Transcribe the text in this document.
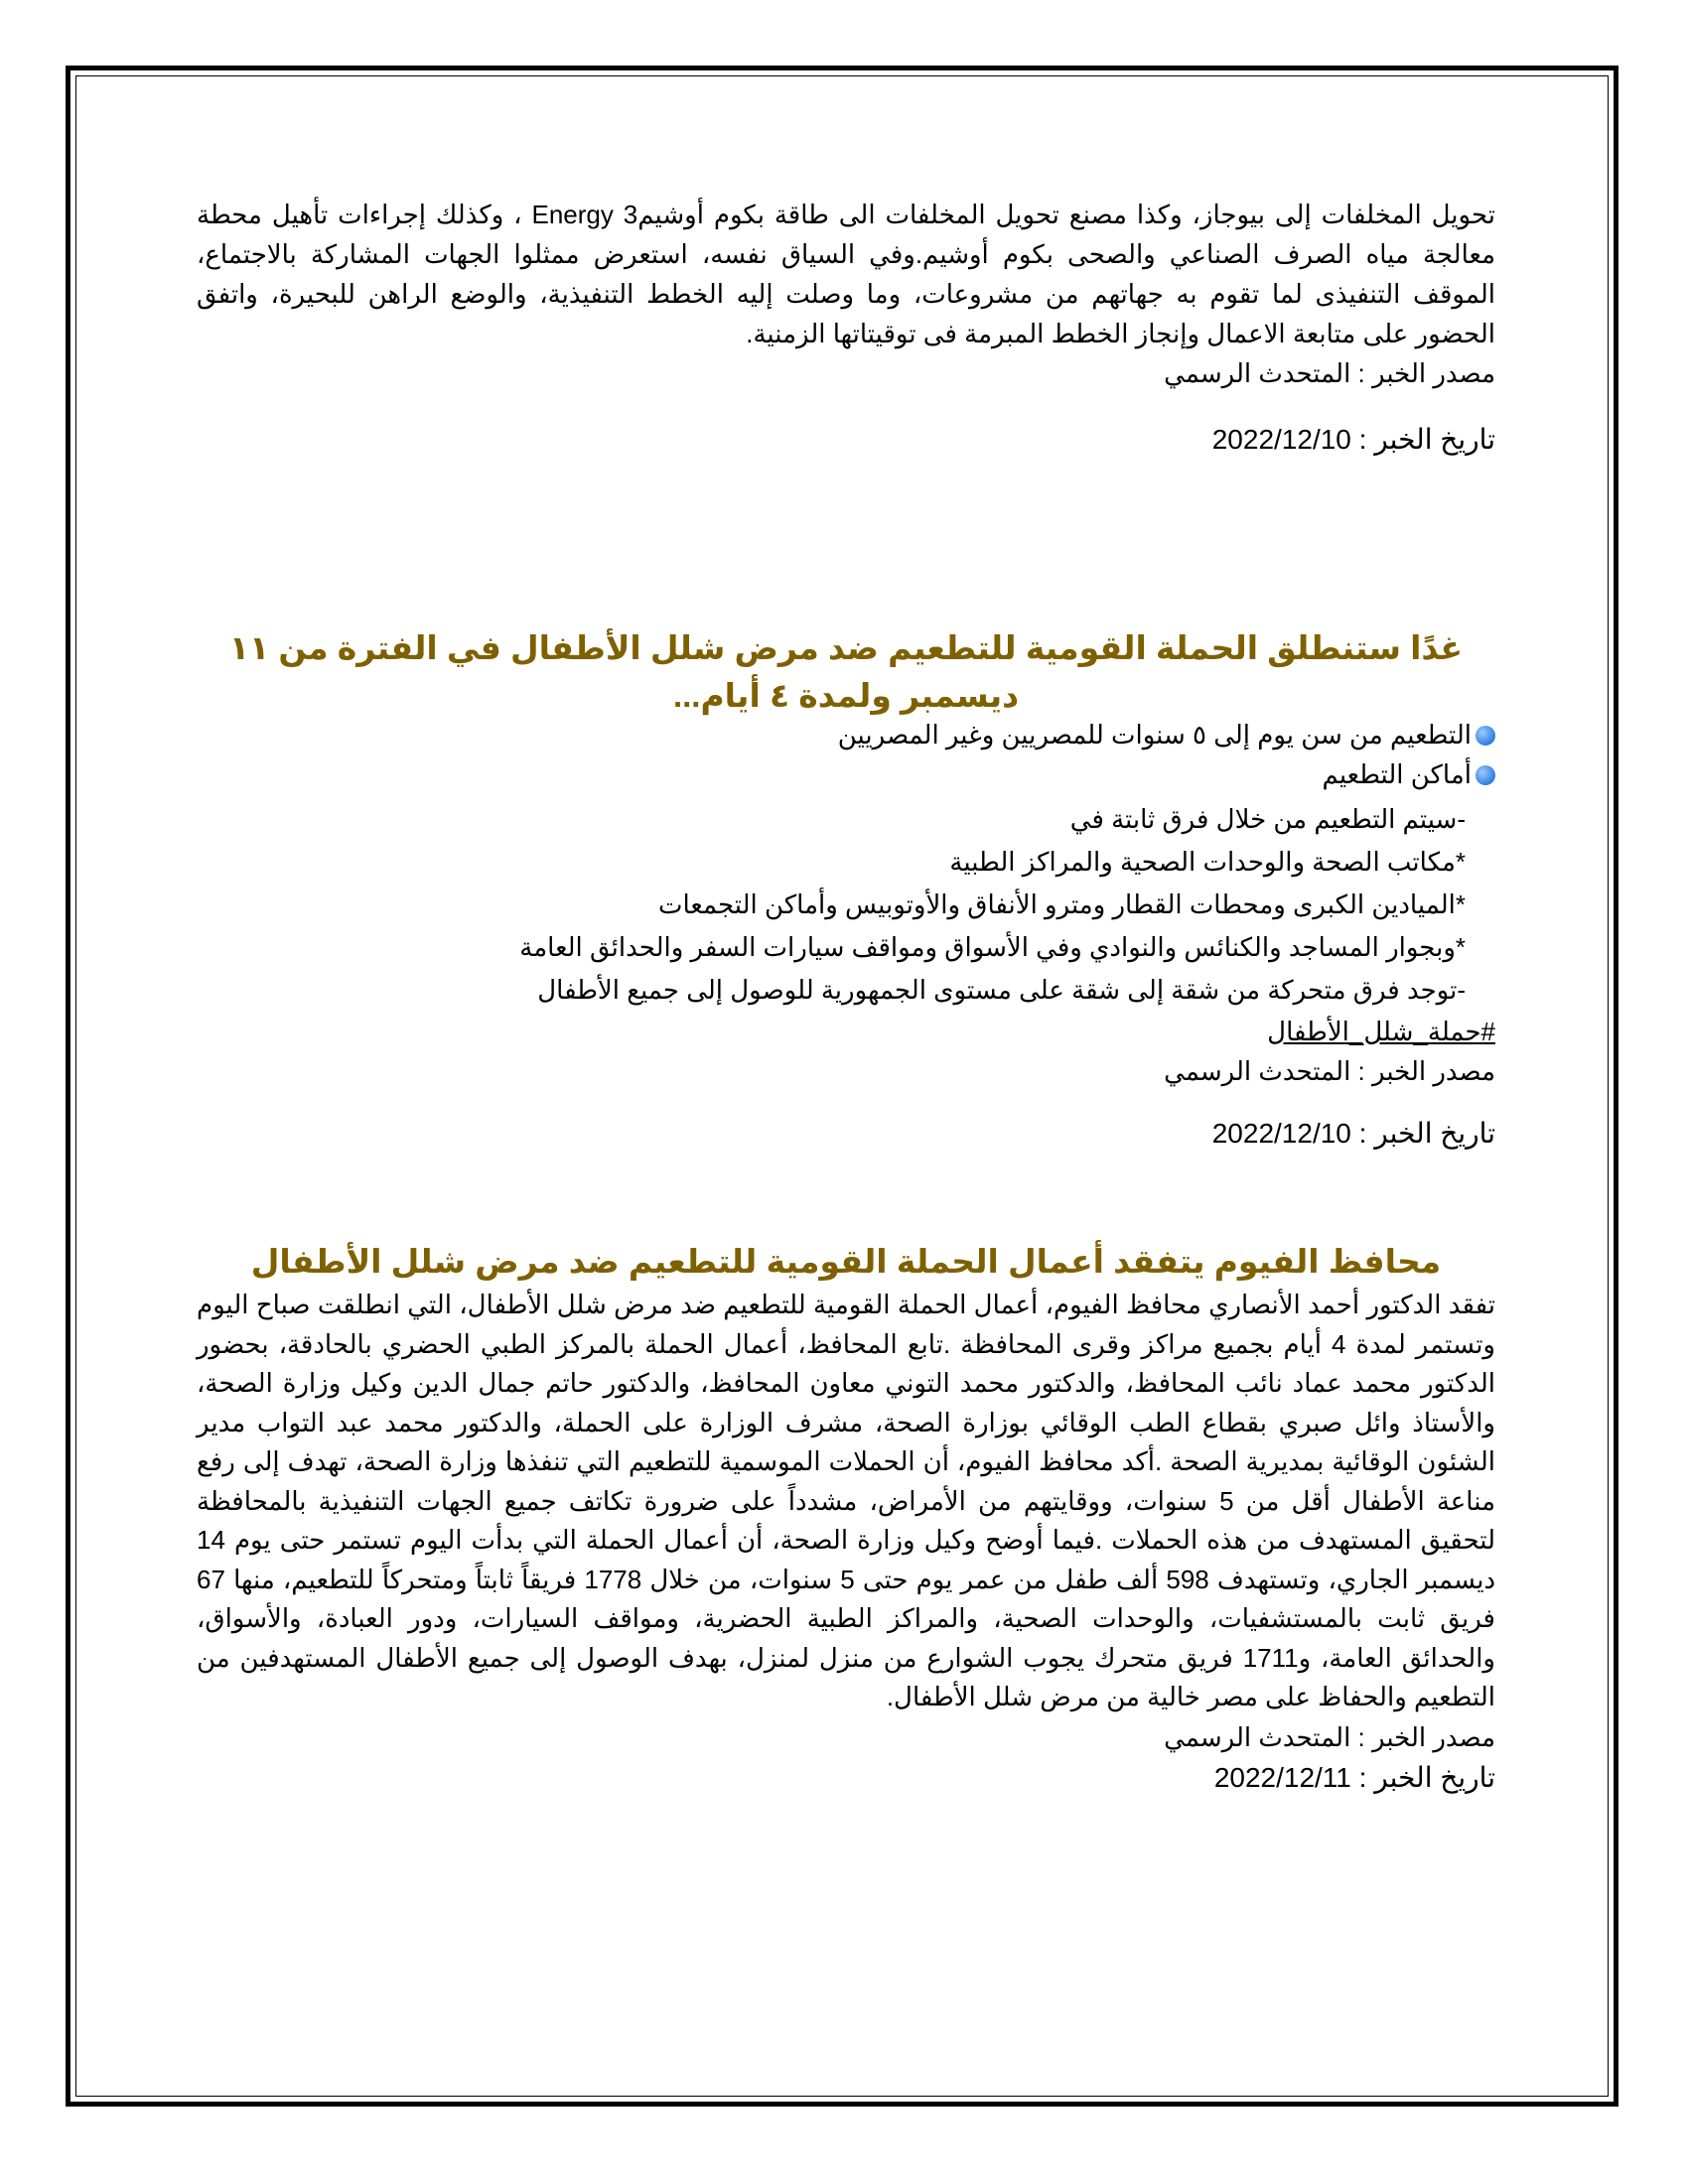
تحويل المخلفات إلى بيوجاز، وكذا مصنع تحويل المخلفات الى طاقة بكوم أوشيمEnergy 3 ، وكذلك إجراءات تأهيل محطة معالجة مياه الصرف الصناعي والصحى بكوم أوشيم.وفي السياق نفسه، استعرض ممثلوا الجهات المشاركة بالاجتماع، الموقف التنفيذى لما تقوم به جهاتهم من مشروعات، وما وصلت إليه الخطط التنفيذية، والوضع الراهن للبحيرة، واتفق الحضور على متابعة الاعمال وإنجاز الخطط المبرمة فى توقيتاتها الزمنية.

مصدر الخبر : المتحدث الرسمي

تاريخ الخبر : 2022/12/10

غدًا ستنطلق الحملة القومية للتطعيم ضد مرض شلل الأطفال في الفترة من ١١

ديسمبر ولمدة ٤ أيام...

التطعيم من سن يوم إلى ٥ سنوات للمصريين وغير المصريين

أماكن التطعيم

-سيتم التطعيم من خلال فرق ثابتة في

*مكاتب الصحة والوحدات الصحية والمراكز الطبية

*الميادين الكبرى ومحطات القطار ومترو الأنفاق والأوتوبيس وأماكن التجمعات

*وبجوار المساجد والكنائس والنوادي وفي الأسواق ومواقف سيارات السفر والحدائق العامة

-توجد فرق متحركة من شقة إلى شقة على مستوى الجمهورية للوصول إلى جميع الأطفال

#حملة_شلل_الأطفال

مصدر الخبر : المتحدث الرسمي

تاريخ الخبر : 2022/12/10

محافظ الفيوم يتفقد أعمال الحملة القومية للتطعيم ضد مرض شلل الأطفال

تفقد الدكتور أحمد الأنصاري محافظ الفيوم، أعمال الحملة القومية للتطعيم ضد مرض شلل الأطفال، التي انطلقت صباح اليوم وتستمر لمدة 4 أيام بجميع مراكز وقرى المحافظة .تابع المحافظ، أعمال الحملة بالمركز الطبي الحضري بالحادقة، بحضور الدكتور محمد عماد نائب المحافظ، والدكتور محمد التوني معاون المحافظ، والدكتور حاتم جمال الدين وكيل وزارة الصحة، والأستاذ وائل صبري بقطاع الطب الوقائي بوزارة الصحة، مشرف الوزارة على الحملة، والدكتور محمد عبد التواب مدير الشئون الوقائية بمديرية الصحة .أكد محافظ الفيوم، أن الحملات الموسمية للتطعيم التي تنفذها وزارة الصحة، تهدف إلى رفع مناعة الأطفال أقل من 5 سنوات، ووقايتهم من الأمراض، مشدداً على ضرورة تكاتف جميع الجهات التنفيذية بالمحافظة لتحقيق المستهدف من هذه الحملات .فيما أوضح وكيل وزارة الصحة، أن أعمال الحملة التي بدأت اليوم تستمر حتى يوم 14 ديسمبر الجاري، وتستهدف 598 ألف طفل من عمر يوم حتى 5 سنوات، من خلال 1778 فريقاً ثابتاً ومتحركاً للتطعيم، منها 67 فريق ثابت بالمستشفيات، والوحدات الصحية، والمراكز الطبية الحضرية، ومواقف السيارات، ودور العبادة، والأسواق، والحدائق العامة، و1711 فريق متحرك يجوب الشوارع من منزل لمنزل، بهدف الوصول إلى جميع الأطفال المستهدفين من التطعيم والحفاظ على مصر خالية من مرض شلل الأطفال.

مصدر الخبر : المتحدث الرسمي

تاريخ الخبر : 2022/12/11
